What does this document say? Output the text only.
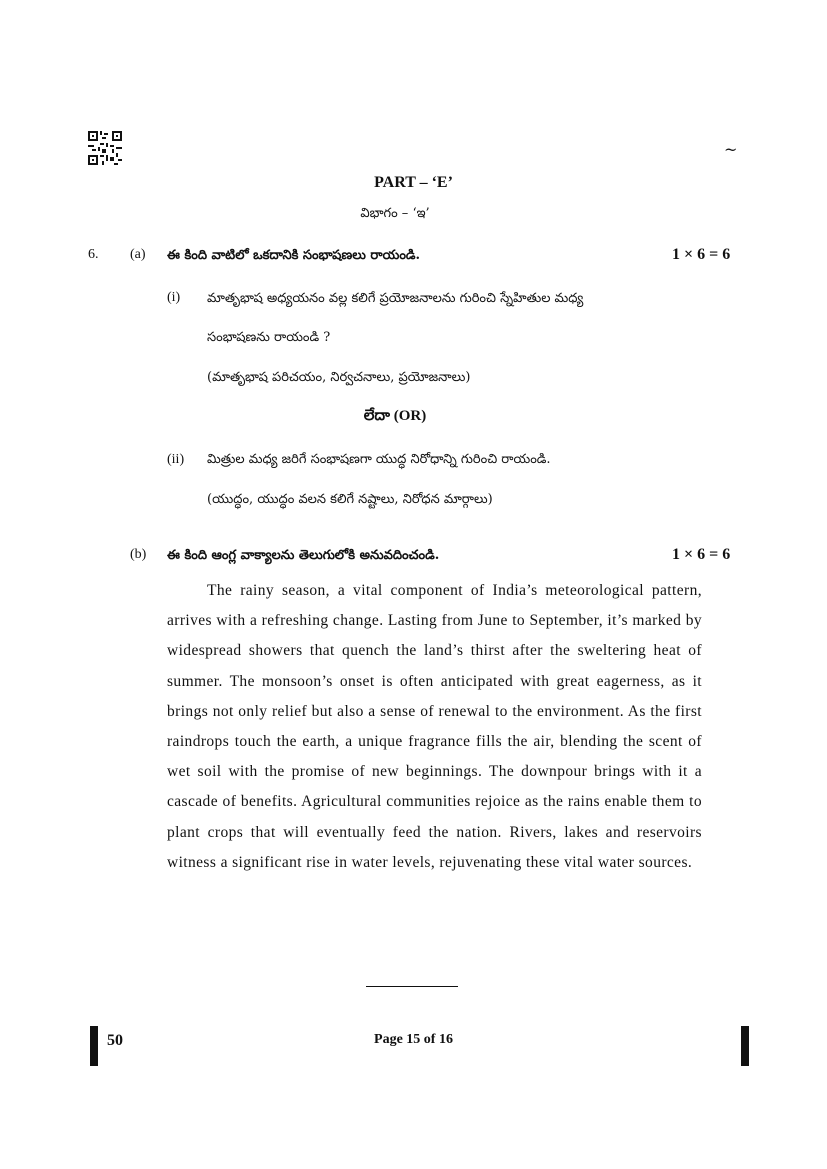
~
PART – ‘E’
విభాగం – ‘ఇ’
6. (a) ఈ కింది వాటిలో ఒకదానికి సంభాషణలు రాయండి.	1 × 6 = 6
(i) మాతృభాష అధ్యయనం వల్ల కలిగే ప్రయోజనాలను గురించి స్నేహితుల మధ్య
సంభాషణను రాయండి ?
(మాతృభాష పరిచయం, నిర్వచనాలు, ప్రయోజనాలు)
లేదా (OR)
(ii) మిత్రుల మధ్య జరిగే సంభాషణగా యుద్ధ నిరోధాన్ని గురించి రాయండి.
(యుద్ధం, యుద్ధం వలన కలిగే నష్టాలు, నిరోధన మార్గాలు)
(b) ఈ కింది ఆంగ్ల వాక్యాలను తెలుగులోకి అనువదించండి.	1 × 6 = 6
The rainy season, a vital component of India’s meteorological pattern, arrives with a refreshing change. Lasting from June to September, it’s marked by widespread showers that quench the land’s thirst after the sweltering heat of summer. The monsoon’s onset is often anticipated with great eagerness, as it brings not only relief but also a sense of renewal to the environment. As the first raindrops touch the earth, a unique fragrance fills the air, blending the scent of wet soil with the promise of new beginnings. The downpour brings with it a cascade of benefits. Agricultural communities rejoice as the rains enable them to plant crops that will eventually feed the nation. Rivers, lakes and reservoirs witness a significant rise in water levels, rejuvenating these vital water sources.
50	Page 15 of 16
